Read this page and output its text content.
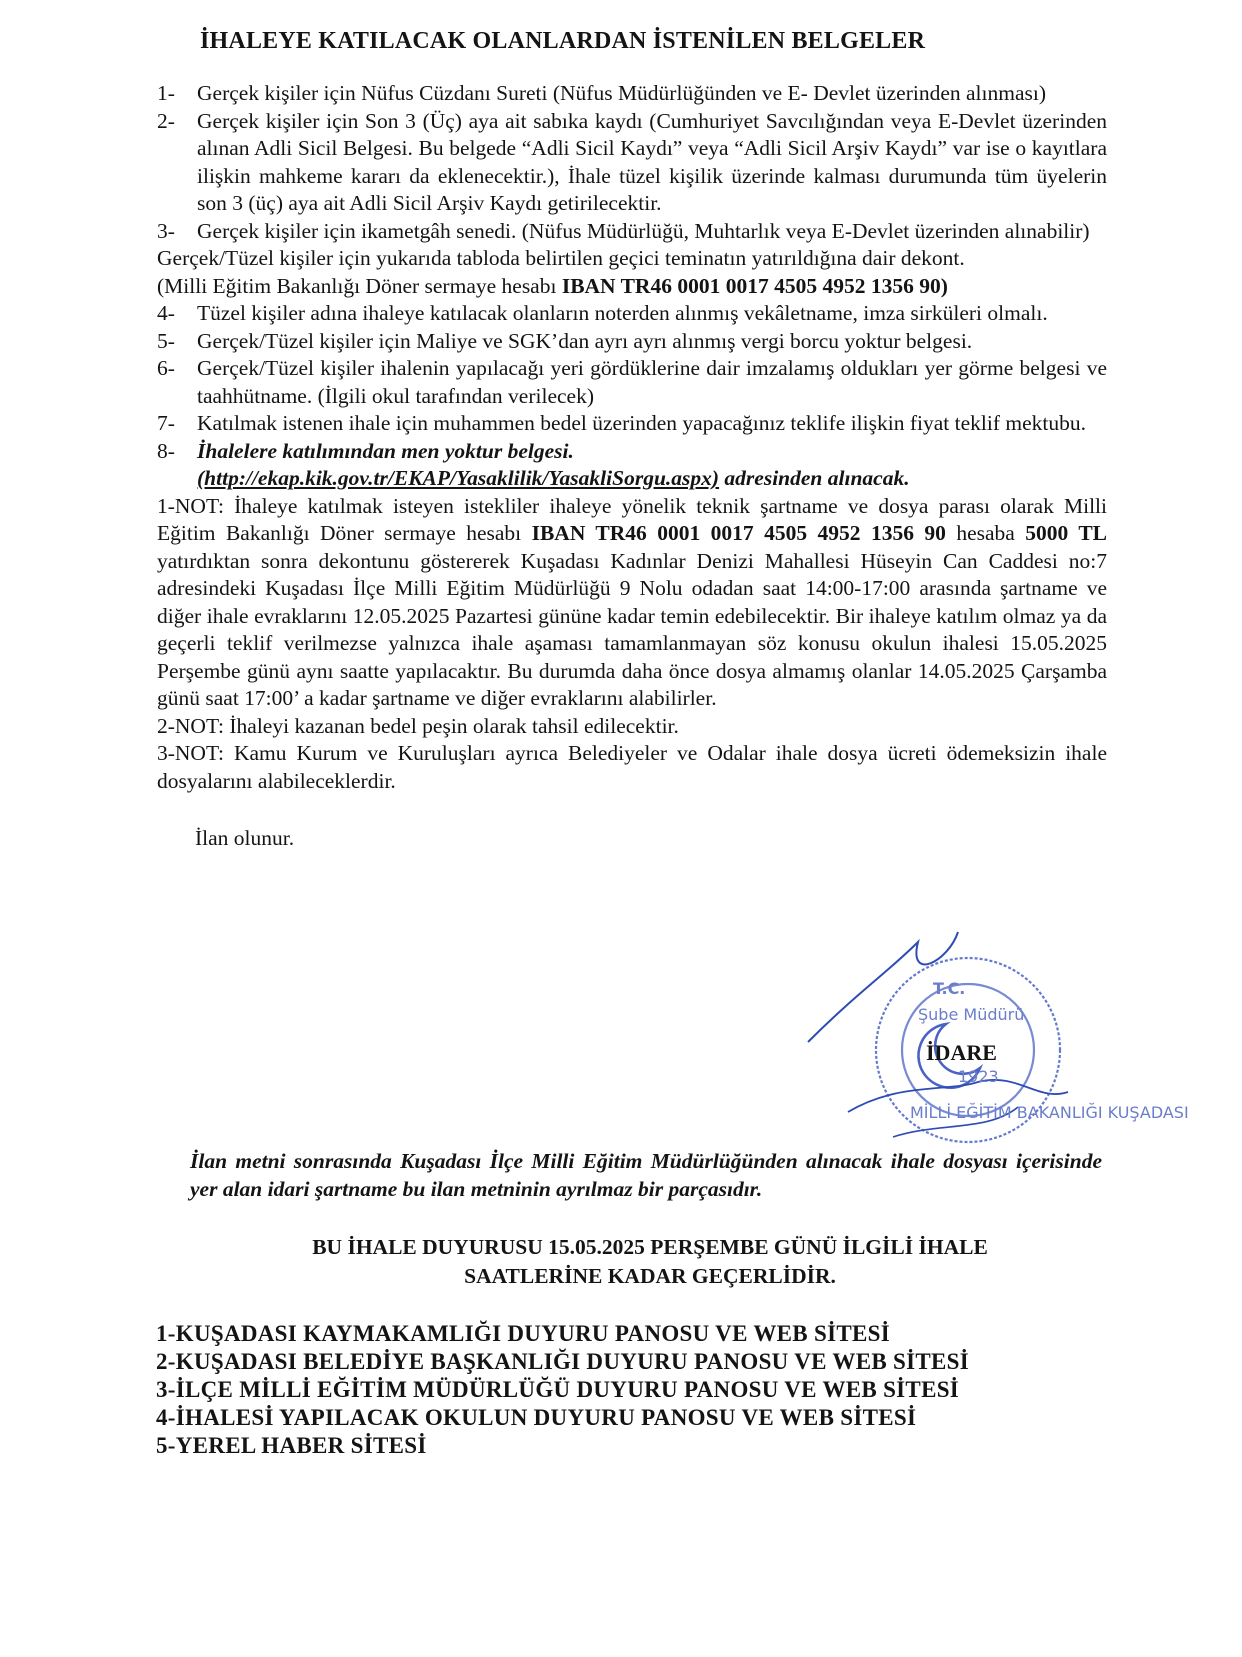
İHALEYE KATILACAK OLANLARDAN İSTENİLEN BELGELER
1-	Gerçek kişiler için Nüfus Cüzdanı Sureti (Nüfus Müdürlüğünden ve E- Devlet üzerinden alınması)
2-	Gerçek kişiler için Son 3 (Üç) aya ait sabıka kaydı (Cumhuriyet Savcılığından veya E-Devlet üzerinden alınan Adli Sicil Belgesi. Bu belgede “Adli Sicil Kaydı” veya “Adli Sicil Arşiv Kaydı” var ise o kayıtlara ilişkin mahkeme kararı da eklenecektir.), İhale tüzel kişilik üzerinde kalması durumunda tüm üyelerin son 3 (üç) aya ait Adli Sicil Arşiv Kaydı getirilecektir.
3-	Gerçek kişiler için ikametgâh senedi. (Nüfus Müdürlüğü, Muhtarlık veya E-Devlet üzerinden alınabilir)
Gerçek/Tüzel kişiler için yukarıda tabloda belirtilen geçici teminatın yatırıldığına dair dekont.
(Milli Eğitim Bakanlığı Döner sermaye hesabı IBAN TR46 0001 0017 4505 4952 1356 90)
4-	Tüzel kişiler adına ihaleye katılacak olanların noterden alınmış vekâletname, imza sirküleri olmalı.
5-	Gerçek/Tüzel kişiler için Maliye ve SGK’dan ayrı ayrı alınmış vergi borcu yoktur belgesi.
6-	Gerçek/Tüzel kişiler ihalenin yapılacağı yeri gördüklerine dair imzalamış oldukları yer görme belgesi ve taahhütname. (İlgili okul tarafından verilecek)
7-	Katılmak istenen ihale için muhammen bedel üzerinden yapacağınız teklife ilişkin fiyat teklif mektubu.
8-	İhalelere katılımından men yoktur belgesi.
(http://ekap.kik.gov.tr/EKAP/Yasaklilik/YasakliSorgu.aspx) adresinden alınacak.
1-NOT: İhaleye katılmak isteyen istekliler ihaleye yönelik teknik şartname ve dosya parası olarak Milli Eğitim Bakanlığı Döner sermaye hesabı IBAN TR46 0001 0017 4505 4952 1356 90 hesaba 5000 TL yatırdıktan sonra dekontunu göstererek Kuşadası Kadınlar Denizi Mahallesi Hüseyin Can Caddesi no:7 adresindeki Kuşadası İlçe Milli Eğitim Müdürlüğü 9 Nolu odadan saat 14:00-17:00 arasında şartname ve diğer ihale evraklarını 12.05.2025 Pazartesi gününe kadar temin edebilecektir. Bir ihaleye katılım olmaz ya da geçerli teklif verilmezse yalnızca ihale aşaması tamamlanmayan söz konusu okulun ihalesi 15.05.2025 Perşembe günü aynı saatte yapılacaktır. Bu durumda daha önce dosya almamış olanlar 14.05.2025 Çarşamba günü saat 17:00’ a kadar şartname ve diğer evraklarını alabilirler.
2-NOT: İhaleyi kazanan bedel peşin olarak tahsil edilecektir.
3-NOT: Kamu Kurum ve Kuruluşları ayrıca Belediyeler ve Odalar ihale dosya ücreti ödemeksizin ihale dosyalarını alabileceklerdir.
İlan olunur.
T.C.
Şube Müdürü
İDARE
1923
MİLLİ EĞİTİM BAKANLIĞI KUŞADASI
İlan metni sonrasında Kuşadası İlçe Milli Eğitim Müdürlüğünden alınacak ihale dosyası içerisinde yer alan idari şartname bu ilan metninin ayrılmaz bir parçasıdır.
BU İHALE DUYURUSU 15.05.2025 PERŞEMBE GÜNÜ İLGİLİ İHALE
SAATLERİNE KADAR GEÇERLİDİR.
1-KUŞADASI KAYMAKAMLIĞI DUYURU PANOSU VE WEB SİTESİ
2-KUŞADASI BELEDİYE BAŞKANLIĞI DUYURU PANOSU VE WEB SİTESİ
3-İLÇE MİLLİ EĞİTİM MÜDÜRLÜĞÜ DUYURU PANOSU VE WEB SİTESİ
4-İHALESİ YAPILACAK OKULUN DUYURU PANOSU VE WEB SİTESİ
5-YEREL HABER SİTESİ
